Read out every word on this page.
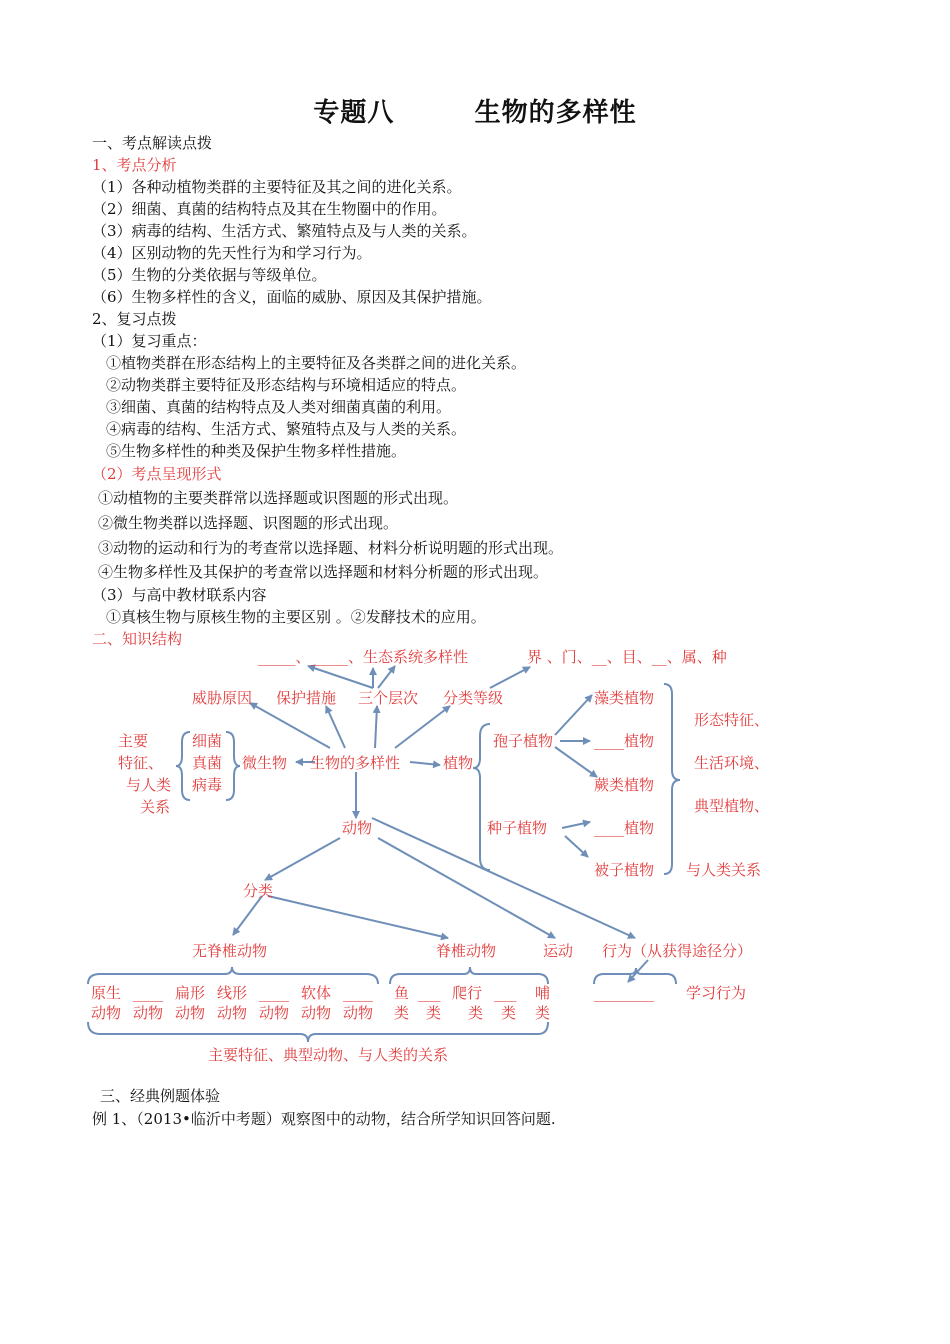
专题八	生物的多样性
一、考点解读点拨
1、考点分析
（1）各种动植物类群的主要特征及其之间的进化关系。
（2）细菌、真菌的结构特点及其在生物圈中的作用。
（3）病毒的结构、生活方式、繁殖特点及与人类的关系。
（4）区别动物的先天性行为和学习行为。
（5）生物的分类依据与等级单位。
（6）生物多样性的含义，面临的威胁、原因及其保护措施。
2、复习点拨
（1）复习重点：
①植物类群在形态结构上的主要特征及各类群之间的进化关系。
②动物类群主要特征及形态结构与环境相适应的特点。
③细菌、真菌的结构特点及人类对细菌真菌的利用。
④病毒的结构、生活方式、繁殖特点及与人类的关系。
⑤生物多样性的种类及保护生物多样性措施。
（2）考点呈现形式
①动植物的主要类群常以选择题或识图题的形式出现。
②微生物类群以选择题、识图题的形式出现。
③动物的运动和行为的考查常以选择题、材料分析说明题的形式出现。
④生物多样性及其保护的考查常以选择题和材料分析题的形式出现。
（3）与高中教材联系内容
①真核生物与原核生物的主要区别 。②发酵技术的应用。
二、知识结构
_____、_____、生态系统多样性	界 、门、__、目、__、属、种
威胁原因 保护措施 三个层次 分类等级
主要
特征、
与人类
关系
细菌
真菌
病毒
微生物 生物的多样性	植物
孢子植物
种子植物
藻类植物
____植物
蕨类植物
____植物
被子植物
形态特征、
生活环境、
典型植物、
与人类关系
动物
分类
无脊椎动物	脊椎动物	运动 行为（从获得途径分）
原生 ____ 扁形 线形 ____ 软体 ____
动物 动物 动物 动物 动物 动物 动物
鱼 ___ 爬行 ___ 哺
类 类 类 类 类
________ 学习行为
主要特征、典型动物、与人类的关系
三、经典例题体验
例 1、（2013•临沂中考题）观察图中的动物，结合所学知识回答问题.
